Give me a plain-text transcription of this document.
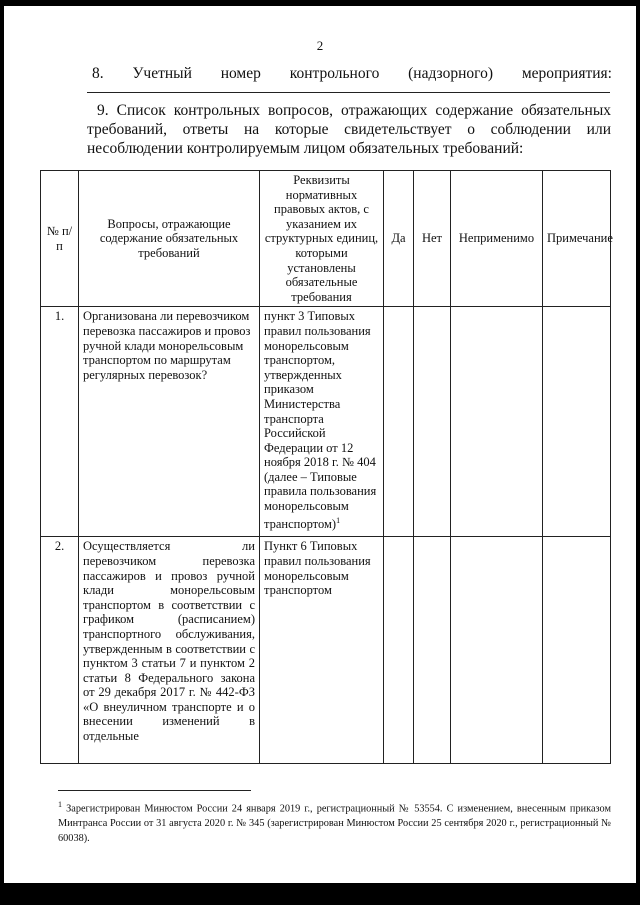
2
8. Учетный номер контрольного (надзорного) мероприятия:
9. Список контрольных вопросов, отражающих содержание обязательных требований, ответы на которые свидетельствует о соблюдении или несоблюдении контролируемым лицом обязательных требований:
№ п/п	Вопросы, отражающие содержание обязательных требований	Реквизиты нормативных правовых актов, с указанием их структурных единиц, которыми установлены обязательные требования	Да	Нет	Неприменимо	Примечание
1.	Организована ли перевозчиком перевозка пассажиров и провоз ручной клади монорельсовым транспортом по маршрутам регулярных перевозок?	пункт 3 Типовых правил пользования монорельсовым транспортом, утвержденных приказом Министерства транспорта Российской Федерации от 12 ноября 2018 г. № 404 (далее – Типовые правила пользования монорельсовым транспортом)$^1$				
2.	Осуществляется ли перевозчиком перевозка пассажиров и провоз ручной клади монорельсовым транспортом в соответствии с графиком (расписанием) транспортного обслуживания, утвержденным в соответствии с пунктом 3 статьи 7 и пунктом 2 статьи 8 Федерального закона от 29 декабря 2017 г. № 442-ФЗ «О внеуличном транспорте и о внесении изменений в отдельные	Пункт 6 Типовых правил пользования монорельсовым транспортом				
$^1$ Зарегистрирован Минюстом России 24 января 2019 г., регистрационный № 53554. С изменением, внесенным приказом Минтранса России от 31 августа 2020 г. № 345 (зарегистрирован Минюстом России 25 сентября 2020 г., регистрационный № 60038).
